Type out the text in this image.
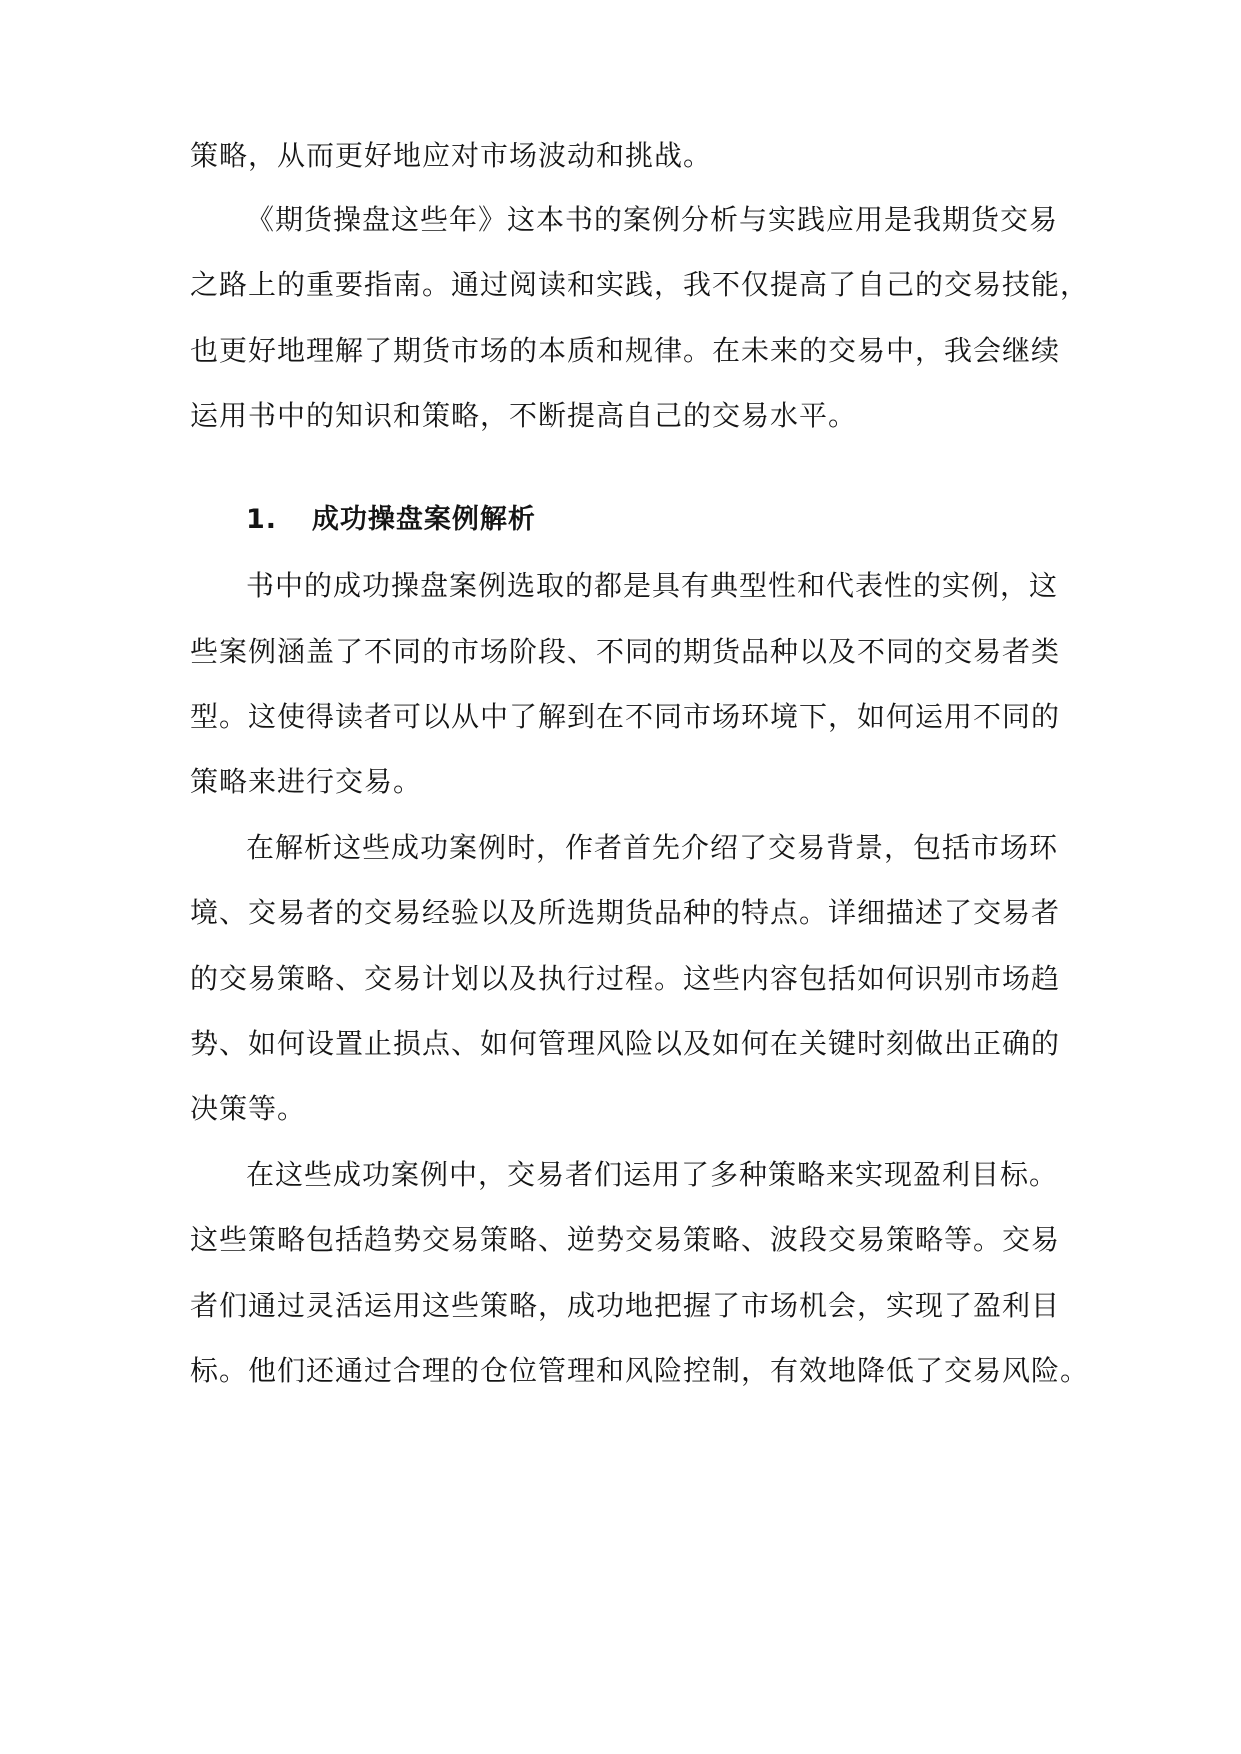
策略，从而更好地应对市场波动和挑战。

《期货操盘这些年》这本书的案例分析与实践应用是我期货交易

之路上的重要指南。通过阅读和实践，我不仅提高了自己的交易技能，

也更好地理解了期货市场的本质和规律。在未来的交易中，我会继续

运用书中的知识和策略，不断提高自己的交易水平。

1. 成功操盘案例解析

书中的成功操盘案例选取的都是具有典型性和代表性的实例，这

些案例涵盖了不同的市场阶段、不同的期货品种以及不同的交易者类

型。这使得读者可以从中了解到在不同市场环境下，如何运用不同的

策略来进行交易。

在解析这些成功案例时，作者首先介绍了交易背景，包括市场环

境、交易者的交易经验以及所选期货品种的特点。详细描述了交易者

的交易策略、交易计划以及执行过程。这些内容包括如何识别市场趋

势、如何设置止损点、如何管理风险以及如何在关键时刻做出正确的

决策等。

在这些成功案例中，交易者们运用了多种策略来实现盈利目标。

这些策略包括趋势交易策略、逆势交易策略、波段交易策略等。交易

者们通过灵活运用这些策略，成功地把握了市场机会，实现了盈利目

标。他们还通过合理的仓位管理和风险控制，有效地降低了交易风险。
